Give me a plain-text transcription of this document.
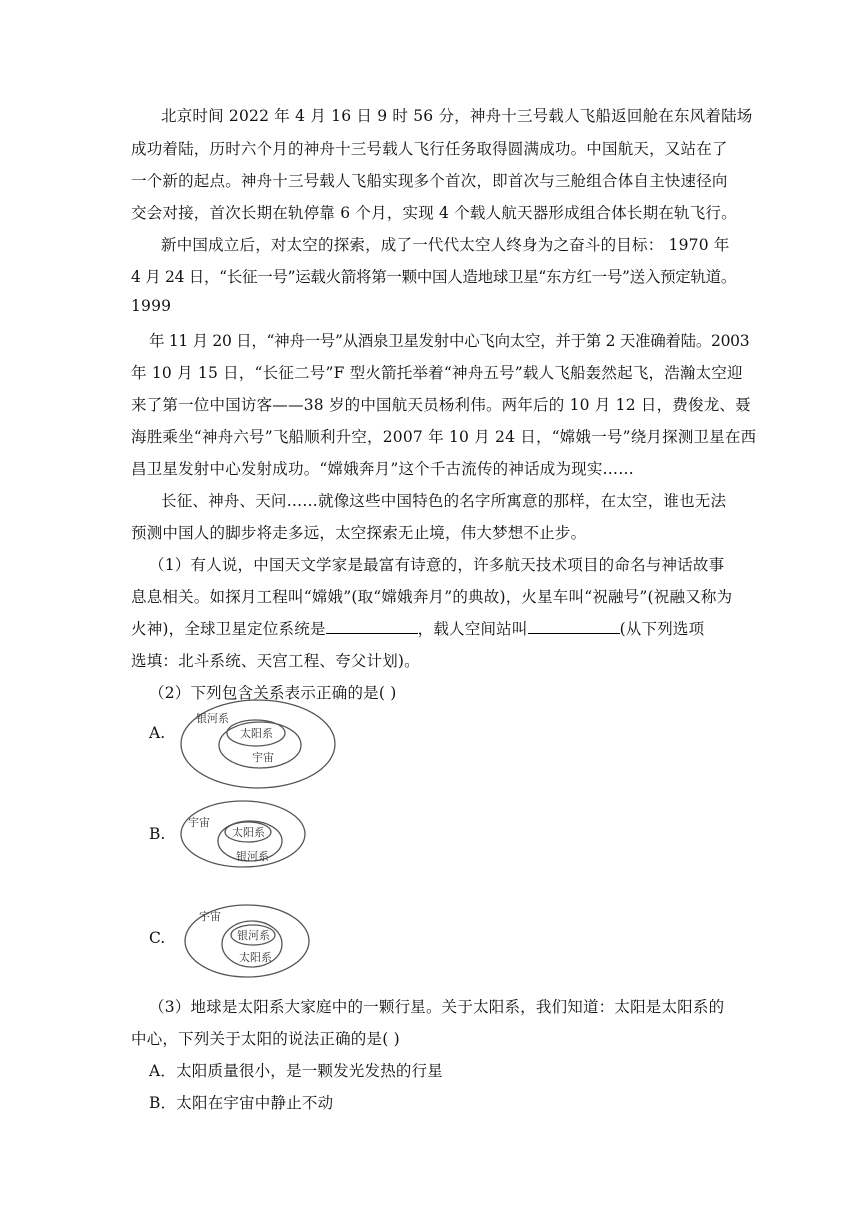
北京时间 2022 年 4 月 16 日 9 时 56 分，神舟十三号载人飞船返回舱在东风着陆场
成功着陆，历时六个月的神舟十三号载人飞行任务取得圆满成功。中国航天，又站在了
一个新的起点。神舟十三号载人飞船实现多个首次，即首次与三舱组合体自主快速径向
交会对接，首次长期在轨停靠 6 个月，实现 4 个载人航天器形成组合体长期在轨飞行。
新中国成立后，对太空的探索，成了一代代太空人终身为之奋斗的目标： 1970 年
4 月 24 日，“长征一号”运载火箭将第一颗中国人造地球卫星“东方红一号”送入预定轨道。
1999
年 11 月 20 日，“神舟一号”从酒泉卫星发射中心飞向太空，并于第 2 天准确着陆。2003
年 10 月 15 日，“长征二号”F 型火箭托举着“神舟五号”载人飞船轰然起飞，浩瀚太空迎
来了第一位中国访客——38 岁的中国航天员杨利伟。两年后的 10 月 12 日，费俊龙、聂
海胜乘坐“神舟六号”飞船顺利升空，2007 年 10 月 24 日，“嫦娥一号”绕月探测卫星在西
昌卫星发射中心发射成功。“嫦娥奔月”这个千古流传的神话成为现实……
长征、神舟、天问……就像这些中国特色的名字所寓意的那样，在太空，谁也无法
预测中国人的脚步将走多远，太空探索无止境，伟大梦想不止步。
（1）有人说，中国天文学家是最富有诗意的，许多航天技术项目的命名与神话故事
息息相关。如探月工程叫“嫦娥”(取“嫦娥奔月”的典故)，火星车叫“祝融号”(祝融又称为
火神)，全球卫星定位系统是	，载人空间站叫	(从下列选项
选填：北斗系统、天宫工程、夸父计划)。
（2）下列包含关系表示正确的是( )
A.
银河系
太阳系
宇宙
B.
宇宙
太阳系
银河系
C.
宇宙
银河系
太阳系
（3）地球是太阳系大家庭中的一颗行星。关于太阳系，我们知道：太阳是太阳系的
中心，下列关于太阳的说法正确的是( )
A．太阳质量很小，是一颗发光发热的行星
B．太阳在宇宙中静止不动
